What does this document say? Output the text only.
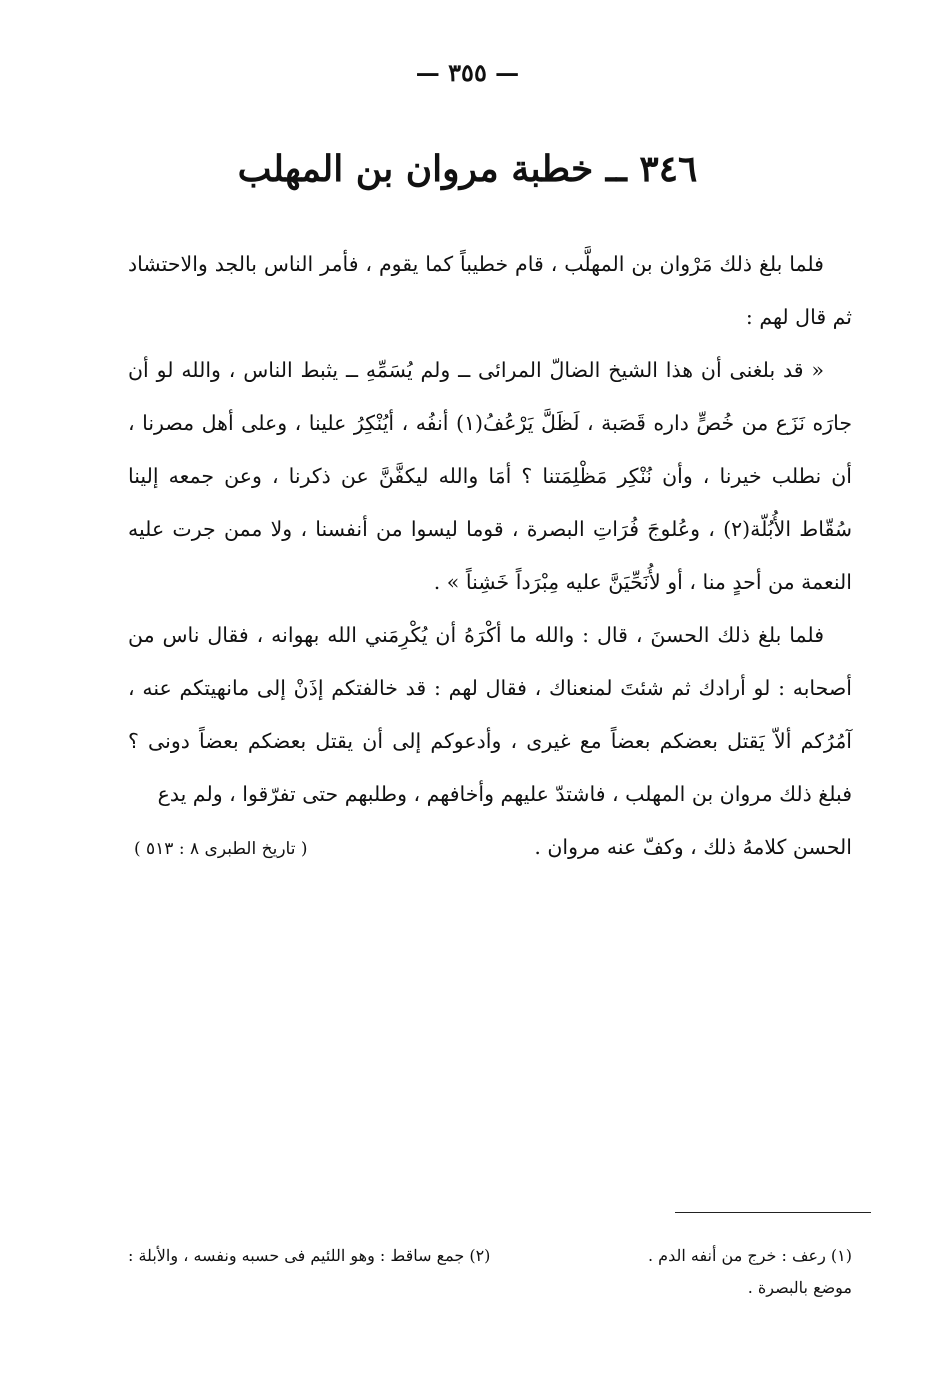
— ٣٥٥ —
٣٤٦ ــ خطبة مروان بن المهلب

فلما بلغ ذلك مَرْوان بن المهلَّب ، قام خطيباً كما يقوم ، فأمر الناس بالجد والاحتشاد ثم قال لهم :

« قد بلغنى أن هذا الشيخ الضالّ المرائى ــ ولم يُسَمِّهِ ــ يثبط الناس ، والله لو أن جارَه نَزَع من خُصٍّ داره قَصَبة ، لَظَلَّ يَرْعُفُ(١) أنفُه ، أيُنْكِرُ علينا ، وعلى أهل مصرنا ، أن نطلب خيرنا ، وأن نُنْكِر مَظْلِمَتنا ؟ أمَا والله ليكفَّنَّ عن ذكرنا ، وعن جمعه إلينا سُقّاط الأُبُلّة(٢) ، وعُلوجَ فُرَاتِ البصرة ، قوما ليسوا من أنفسنا ، ولا ممن جرت عليه النعمة من أحدٍ منا ، أو لأُنَحِّيَنَّ عليه مِبْرَداً خَشِناً » .

فلما بلغ ذلك الحسنَ ، قال : والله ما أكْرَهُ أن يُكْرِمَني الله بهوانه ، فقال ناس من أصحابه : لو أرادك ثم شئتَ لمنعناك ، فقال لهم : قد خالفتكم إذَنْ إلى مانهيتكم عنه ، آمُرُكم ألاّ يَقتل بعضكم بعضاً مع غيرى ، وأدعوكم إلى أن يقتل بعضكم بعضاً دونى ؟ فبلغ ذلك مروان بن المهلب ، فاشتدّ عليهم وأخافهم ، وطلبهم حتى تفرّقوا ، ولم يدع

الحسن كلامهُ ذلك ، وكفّ عنه مروان .
( تاريخ الطبرى ٨ : ٥١٣ )
(١) رعف : خرج من أنفه الدم .
(٢) جمع ساقط : وهو اللئيم فى حسبه ونفسه ، والأبلة :
موضع بالبصرة .
